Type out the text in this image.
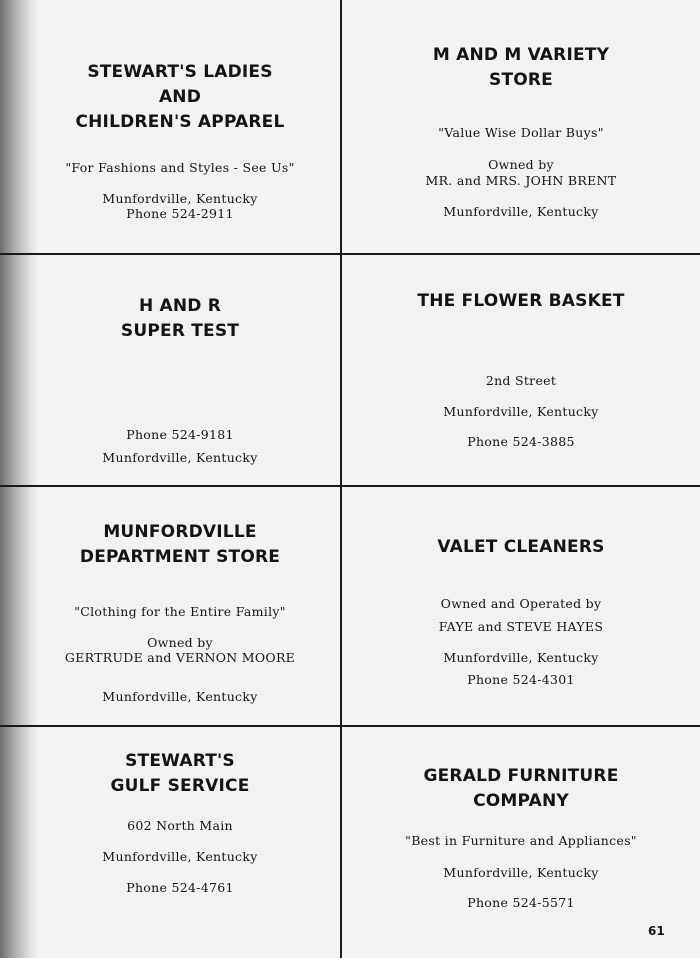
STEWART'S LADIES
AND
CHILDREN'S APPAREL
"For Fashions and Styles - See Us"
Munfordville, Kentucky
Phone 524-2911
M AND M VARIETY
STORE
"Value Wise Dollar Buys"
Owned by
MR. and MRS. JOHN BRENT
Munfordville, Kentucky
H AND R
SUPER TEST
Phone 524-9181
Munfordville, Kentucky
THE FLOWER BASKET
2nd Street
Munfordville, Kentucky
Phone 524-3885
MUNFORDVILLE
DEPARTMENT STORE
"Clothing for the Entire Family"
Owned by
GERTRUDE and VERNON MOORE
Munfordville, Kentucky
VALET CLEANERS
Owned and Operated by
FAYE and STEVE HAYES
Munfordville, Kentucky
Phone 524-4301
STEWART'S
GULF SERVICE
602 North Main
Munfordville, Kentucky
Phone 524-4761
GERALD FURNITURE
COMPANY
"Best in Furniture and Appliances"
Munfordville, Kentucky
Phone 524-5571
61
